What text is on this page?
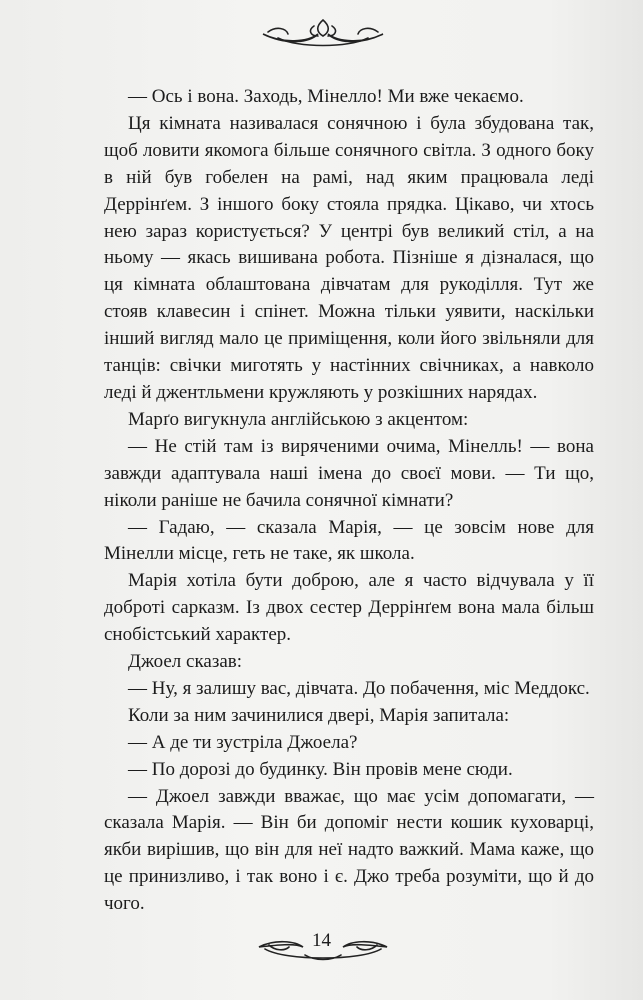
— Ось і вона. Заходь, Мінелло! Ми вже чекаємо.

Ця кімната називалася сонячною і була збудована так, щоб ловити якомога більше сонячного світла. З одного боку в ній був гобелен на рамі, над яким працювала леді Деррінґем. З іншого боку стояла прядка. Цікаво, чи хтось нею зараз користується? У центрі був великий стіл, а на ньому — якась вишивана робота. Пізніше я дізналася, що ця кімната облаштована дівчатам для рукоділля. Тут же стояв клавесин і спінет. Можна тільки уявити, наскільки інший вигляд мало це приміщення, коли його звільняли для танців: свічки миготять у настінних свічниках, а навколо леді й джентльмени кружляють у розкішних нарядах.

Марґо вигукнула англійською з акцентом:

— Не стій там із виряченими очима, Мінелль! — вона завжди адаптувала наші імена до своєї мови. — Ти що, ніколи раніше не бачила сонячної кімнати?

— Гадаю, — сказала Марія, — це зовсім нове для Мінелли місце, геть не таке, як школа.

Марія хотіла бути доброю, але я часто відчувала у її доброті сарказм. Із двох сестер Деррінґем вона мала більш снобістський характер.

Джоел сказав:

— Ну, я залишу вас, дівчата. До побачення, міс Меддокс.

Коли за ним зачинилися двері, Марія запитала:

— А де ти зустріла Джоела?

— По дорозі до будинку. Він провів мене сюди.

— Джоел завжди вважає, що має усім допомагати, — сказала Марія. — Він би допоміг нести кошик куховарці, якби вирішив, що він для неї надто важкий. Мама каже, що це принизливо, і так воно і є. Джо треба розуміти, що й до чого.

14
